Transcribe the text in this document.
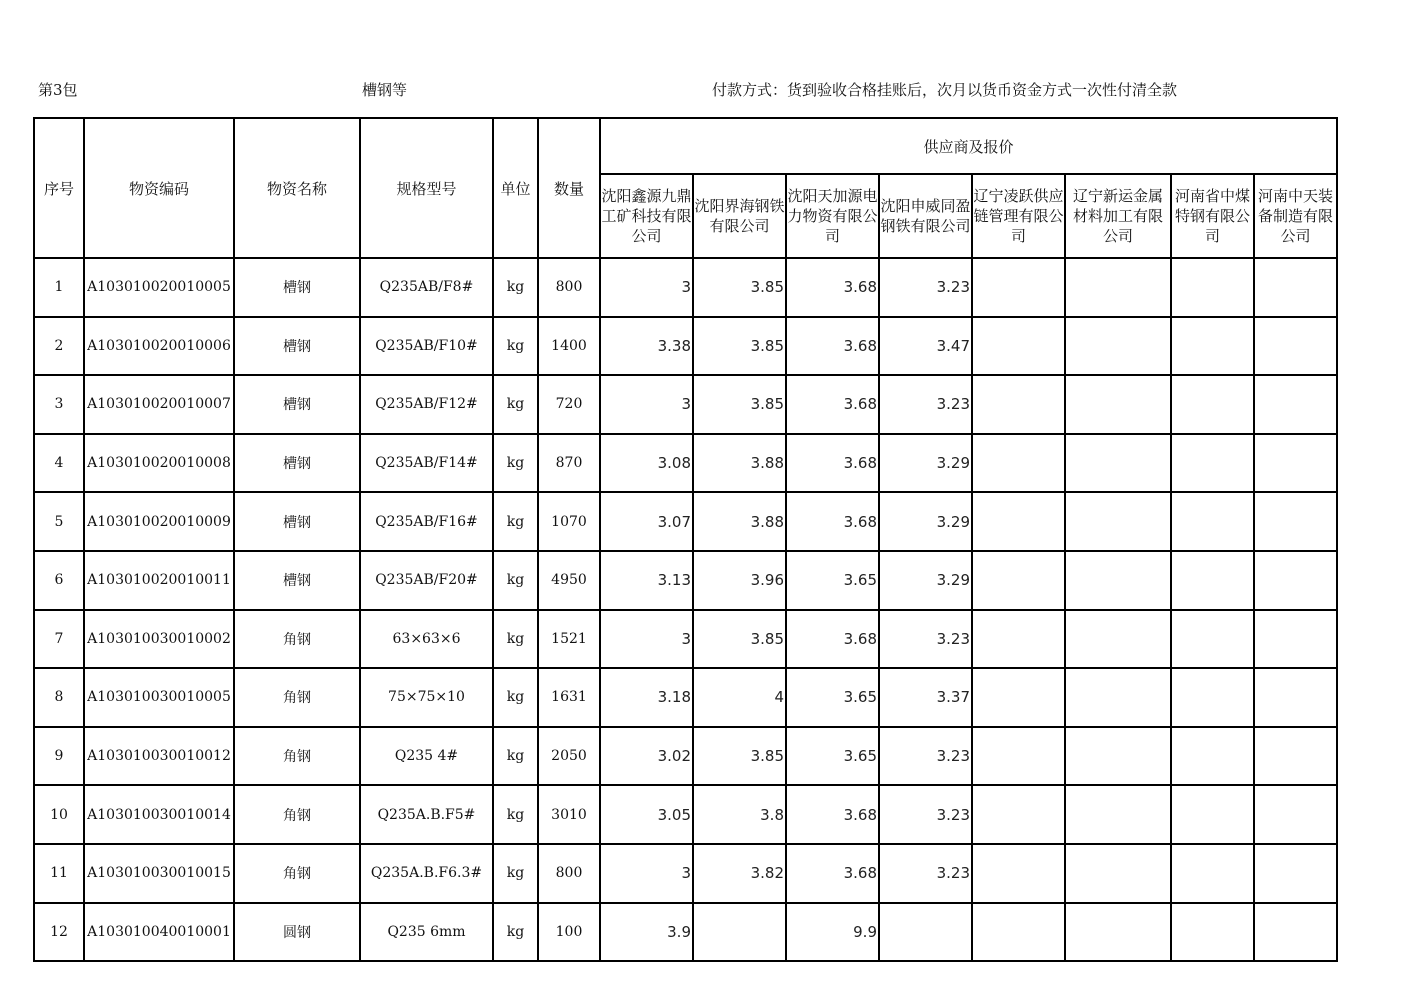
第3包	槽钢等	付款方式：货到验收合格挂账后，次月以货币资金方式一次性付清全款
序号	物资编码	物资名称	规格型号	单位	数量	供应商及报价							
						沈阳鑫源九鼎工矿科技有限公司	沈阳界海钢铁有限公司	沈阳天加源电力物资有限公司	沈阳申威同盈钢铁有限公司	辽宁凌跃供应链管理有限公司	辽宁新运金属材料加工有限公司	河南省中煤特钢有限公司	河南中天装备制造有限公司
1	A103010020010005	槽钢	Q235AB/F8#	kg	800	3	3.85	3.68	3.23				
2	A103010020010006	槽钢	Q235AB/F10#	kg	1400	3.38	3.85	3.68	3.47				
3	A103010020010007	槽钢	Q235AB/F12#	kg	720	3	3.85	3.68	3.23				
4	A103010020010008	槽钢	Q235AB/F14#	kg	870	3.08	3.88	3.68	3.29				
5	A103010020010009	槽钢	Q235AB/F16#	kg	1070	3.07	3.88	3.68	3.29				
6	A103010020010011	槽钢	Q235AB/F20#	kg	4950	3.13	3.96	3.65	3.29				
7	A103010030010002	角钢	63×63×6	kg	1521	3	3.85	3.68	3.23				
8	A103010030010005	角钢	75×75×10	kg	1631	3.18	4	3.65	3.37				
9	A103010030010012	角钢	Q235 4#	kg	2050	3.02	3.85	3.65	3.23				
10	A103010030010014	角钢	Q235A.B.F5#	kg	3010	3.05	3.8	3.68	3.23				
11	A103010030010015	角钢	Q235A.B.F6.3#	kg	800	3	3.82	3.68	3.23				
12	A103010040010001	圆钢	Q235 6mm	kg	100	3.9		9.9					
